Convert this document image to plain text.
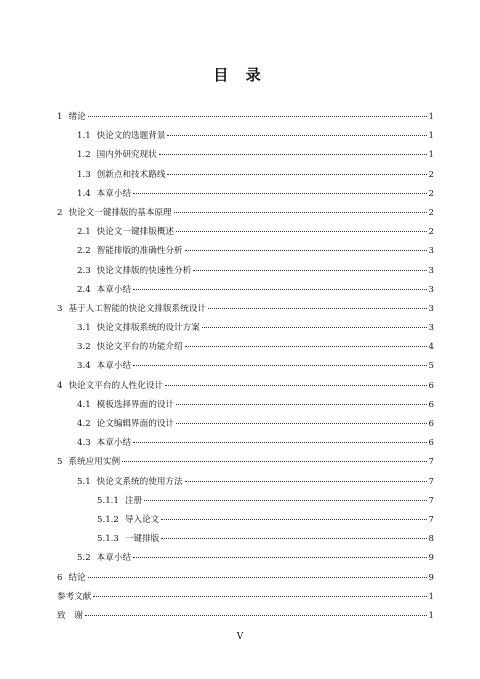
目 录
1 绪论	1
1.1 快论文的选题背景	1
1.2 国内外研究现状	1
1.3 创新点和技术路线	2
1.4 本章小结	2
2 快论文一键排版的基本原理	2
2.1 快论文一键排版概述	2
2.2 智能排版的准确性分析	3
2.3 快论文排版的快速性分析	3
2.4 本章小结	3
3 基于人工智能的快论文排版系统设计	3
3.1 快论文排版系统的设计方案	3
3.2 快论文平台的功能介绍	4
3.4 本章小结	5
4 快论文平台的人性化设计	6
4.1 模板选择界面的设计	6
4.2 论文编辑界面的设计	6
4.3 本章小结	6
5 系统应用实例	7
5.1 快论文系统的使用方法	7
5.1.1 注册	7
5.1.2 导入论文	7
5.1.3 一键排版	8
5.2 本章小结	9
6 结论	9
参考文献	1
致　谢	1
V
